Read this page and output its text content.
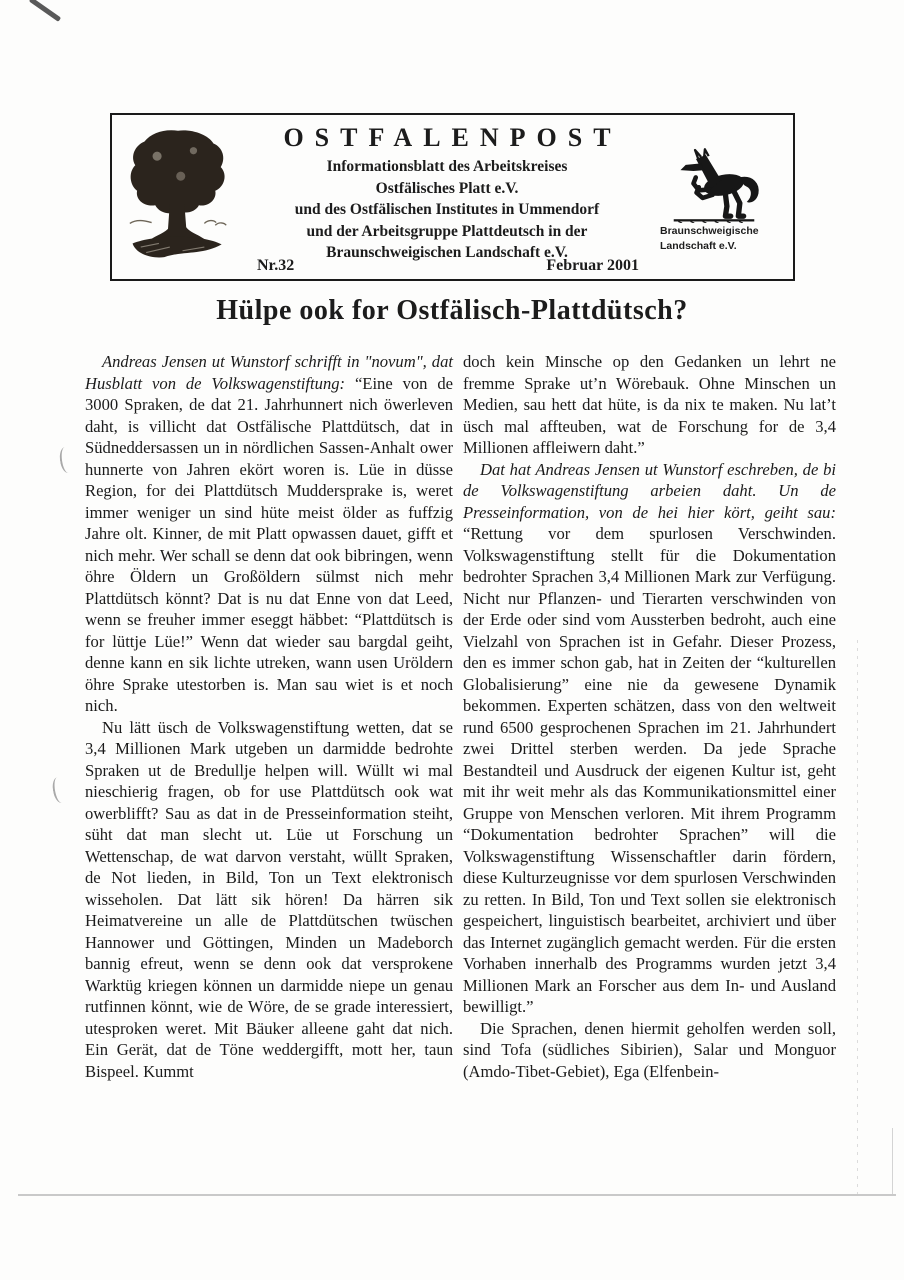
OSTFALENPOST
Informationsblatt des Arbeitskreises
Ostfälisches Platt e.V.
und des Ostfälischen Institutes in Ummendorf
und der Arbeitsgruppe Plattdeutsch in der
Braunschweigischen Landschaft e.V.
Nr.32	Februar 2001
Braunschweigische
Landschaft e.V.
Hülpe ook for Ostfälisch-Plattdütsch?

Andreas Jensen ut Wunstorf schrifft in "novum", dat Husblatt von de Volkswagenstiftung: “Eine von de 3000 Spraken, de dat 21. Jahrhunnert nich öwerleven daht, is villicht dat Ostfälische Plattdütsch, dat in Südneddersassen un in nördlichen Sassen-Anhalt ower hunnerte von Jahren ekört woren is. Lüe in düsse Region, for dei Plattdütsch Muddersprake is, weret immer weniger un sind hüte meist ölder as fuffzig Jahre olt. Kinner, de mit Platt opwassen dauet, gifft et nich mehr. Wer schall se denn dat ook bibringen, wenn öhre Öldern un Großöldern sülmst nich mehr Plattdütsch könnt? Dat is nu dat Enne von dat Leed, wenn se freuher immer eseggt häbbet: “Plattdütsch is for lüttje Lüe!” Wenn dat wieder sau bargdal geiht, denne kann en sik lichte utreken, wann usen Uröldern öhre Sprake utestorben is. Man sau wiet is et noch nich.

Nu lätt üsch de Volkswagenstiftung wetten, dat se 3,4 Millionen Mark utgeben un darmidde bedrohte Spraken ut de Bredullje helpen will. Wüllt wi mal nieschierig fragen, ob for use Plattdütsch ook wat owerblifft? Sau as dat in de Presseinformation steiht, süht dat man slecht ut. Lüe ut Forschung un Wettenschap, de wat darvon verstaht, wüllt Spraken, de Not lieden, in Bild, Ton un Text elektronisch wisseholen. Dat lätt sik hören! Da härren sik Heimatvereine un alle de Plattdütschen twüschen Hannower und Göttingen, Minden un Madeborch bannig efreut, wenn se denn ook dat versprokene Warktüg kriegen können un darmidde niepe un genau rutfinnen könnt, wie de Wöre, de se grade interessiert, utesproken weret. Mit Bäuker alleene gaht dat nich. Ein Gerät, dat de Töne weddergifft, mott her, taun Bispeel. Kummt

doch kein Minsche op den Gedanken un lehrt ne fremme Sprake ut’n Wörebauk. Ohne Minschen un Medien, sau hett dat hüte, is da nix te maken. Nu lat’t üsch mal affteuben, wat de Forschung for de 3,4 Millionen affleiwern daht.”

Dat hat Andreas Jensen ut Wunstorf eschreben, de bi de Volkswagenstiftung arbeien daht. Un de Presseinformation, von de hei hier kört, geiht sau: “Rettung vor dem spurlosen Verschwinden. Volkswagenstiftung stellt für die Dokumentation bedrohter Sprachen 3,4 Millionen Mark zur Verfügung. Nicht nur Pflanzen- und Tierarten verschwinden von der Erde oder sind vom Aussterben bedroht, auch eine Vielzahl von Sprachen ist in Gefahr. Dieser Prozess, den es immer schon gab, hat in Zeiten der “kulturellen Globalisierung” eine nie da gewesene Dynamik bekommen. Experten schätzen, dass von den weltweit rund 6500 gesprochenen Sprachen im 21. Jahrhundert zwei Drittel sterben werden. Da jede Sprache Bestandteil und Ausdruck der eigenen Kultur ist, geht mit ihr weit mehr als das Kommunikationsmittel einer Gruppe von Menschen verloren. Mit ihrem Programm “Dokumentation bedrohter Sprachen” will die Volkswagenstiftung Wissenschaftler darin fördern, diese Kulturzeugnisse vor dem spurlosen Verschwinden zu retten. In Bild, Ton und Text sollen sie elektronisch gespeichert, linguistisch bearbeitet, archiviert und über das Internet zugänglich gemacht werden. Für die ersten Vorhaben innerhalb des Programms wurden jetzt 3,4 Millionen Mark an Forscher aus dem In- und Ausland bewilligt.”

Die Sprachen, denen hiermit geholfen werden soll, sind Tofa (südliches Sibirien), Salar und Monguor (Amdo-Tibet-Gebiet), Ega (Elfenbein-
